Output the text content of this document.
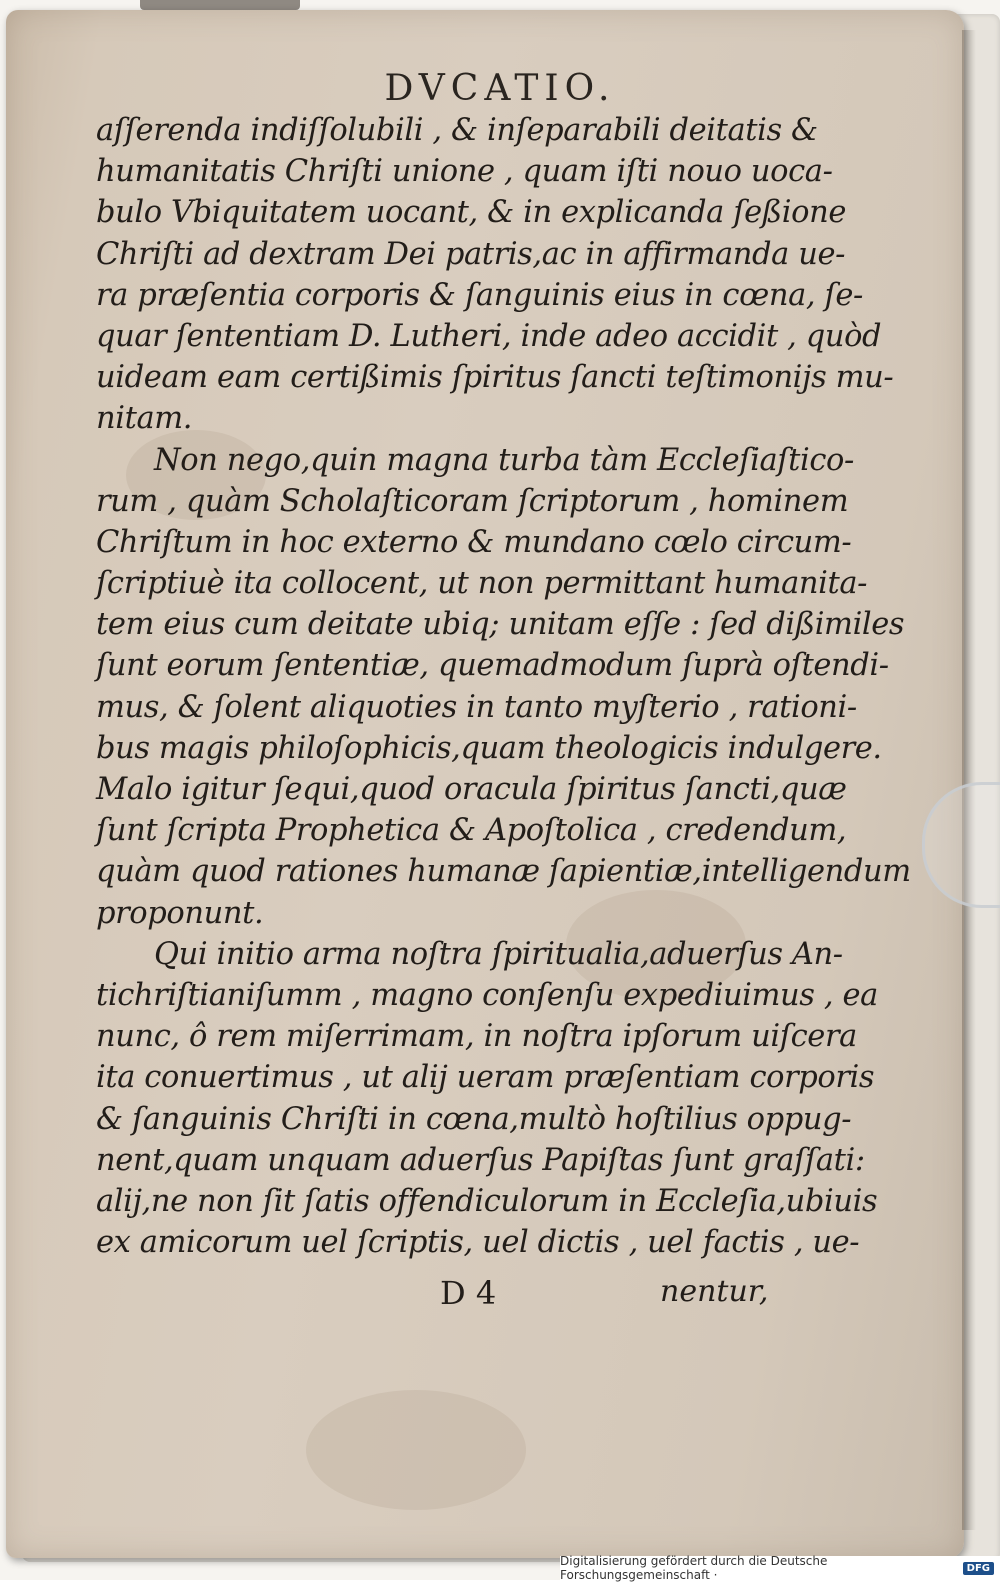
DVCATIO.
aſſerenda indiſſolubili , & inſeparabili deitatis &
humanitatis Chriſti unione , quam iſti nouo uoca-
bulo Vbiquitatem uocant, & in explicanda ſeßione
Chriſti ad dextram Dei patris,ac in affirmanda ue-
ra præſentia corporis & ſanguinis eius in cœna, ſe-
quar ſententiam D. Lutheri, inde adeo accidit , quòd
uideam eam certißimis ſpiritus ſancti teſtimonijs mu-
nitam.
Non nego,quin magna turba tàm Eccleſiaſtico-
rum , quàm Scholaſticoram ſcriptorum , hominem
Chriſtum in hoc externo & mundano cœlo circum-
ſcriptiuè ita collocent, ut non permittant humanita-
tem eius cum deitate ubiq; unitam eſſe : ſed dißimiles
ſunt eorum ſententiæ, quemadmodum ſuprà oſtendi-
mus, & ſolent aliquoties in tanto myſterio , rationi-
bus magis philoſophicis,quam theologicis indulgere.
Malo igitur ſequi,quod oracula ſpiritus ſancti,quæ
ſunt ſcripta Prophetica & Apoſtolica , credendum,
quàm quod rationes humanæ ſapientiæ,intelligendum
proponunt.
Qui initio arma noſtra ſpiritualia,aduerſus An-
tichriſtianiſumm , magno conſenſu expediuimus , ea
nunc, ô rem miſerrimam, in noſtra ipſorum uiſcera
ita conuertimus , ut alij ueram præſentiam corporis
& ſanguinis Chriſti in cœna,multò hoſtilius oppug-
nent,quam unquam aduerſus Papiſtas ſunt graſſati:
alij,ne non ſit ſatis offendiculorum in Eccleſia,ubiuis
ex amicorum uel ſcriptis, uel dictis , uel factis , ue-
D 4	nentur,
Digitalisierung gefördert durch die Deutsche Forschungsgemeinschaft ·	DFG
